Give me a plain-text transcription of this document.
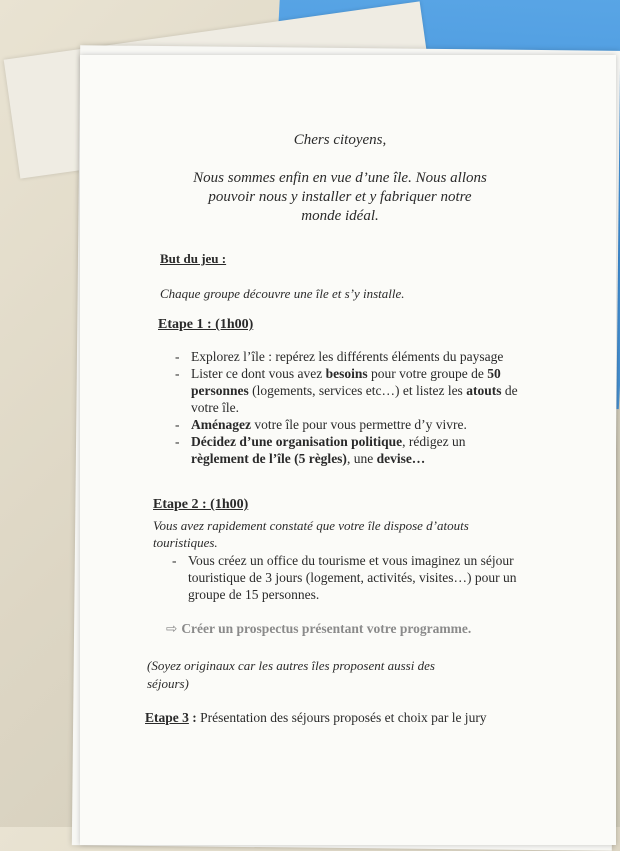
Chers citoyens,
Nous sommes enfin en vue d’une île. Nous allons
pouvoir nous y installer et y fabriquer notre
monde idéal.
But du jeu :
Chaque groupe découvre une île et s’y installe.
Etape 1 : (1h00)
- Explorez l’île : repérez les différents éléments du paysage
- Lister ce dont vous avez besoins pour votre groupe de 50 personnes (logements, services etc…) et listez les atouts de votre île.
- Aménagez votre île pour vous permettre d’y vivre.
- Décidez d’une organisation politique, rédigez un règlement de l’île (5 règles), une devise…
Etape 2 : (1h00)
Vous avez rapidement constaté que votre île dispose d’atouts
touristiques.
- Vous créez un office du tourisme et vous imaginez un séjour touristique de 3 jours (logement, activités, visites…) pour un groupe de 15 personnes.
⇨ Créer un prospectus présentant votre programme.
(Soyez originaux car les autres îles proposent aussi des
séjours)
Etape 3 : Présentation des séjours proposés et choix par le jury
